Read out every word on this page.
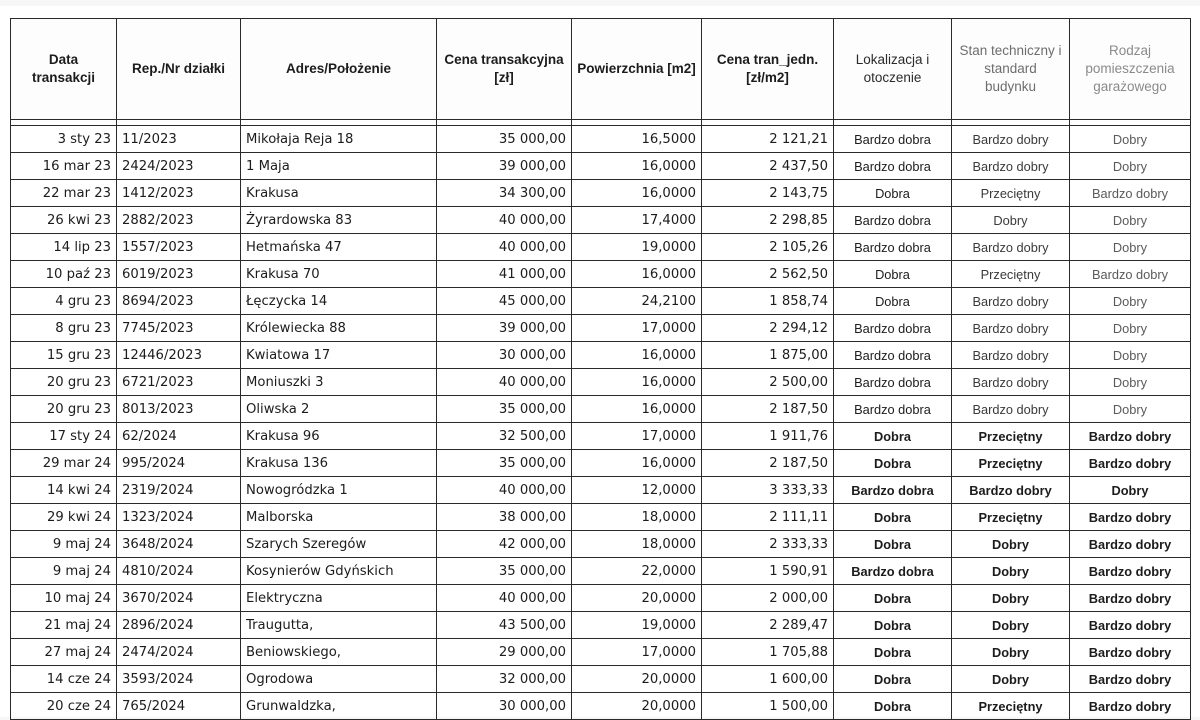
Data transakcji	Rep./Nr działki	Adres/Położenie	Cena transakcyjna [zł]	Powierzchnia [m2]	Cena tran_jedn. [zł/m2]	Lokalizacja i otoczenie	Stan techniczny i standard budynku	Rodzaj pomieszczenia garażowego

3 sty 23	11/2023	Mikołaja Reja 18	35 000,00	16,5000	2 121,21	Bardzo dobra	Bardzo dobry	Dobry
16 mar 23	2424/2023	1 Maja	39 000,00	16,0000	2 437,50	Bardzo dobra	Bardzo dobry	Dobry
22 mar 23	1412/2023	Krakusa	34 300,00	16,0000	2 143,75	Dobra	Przeciętny	Bardzo dobry
26 kwi 23	2882/2023	Żyrardowska 83	40 000,00	17,4000	2 298,85	Bardzo dobra	Dobry	Dobry
14 lip 23	1557/2023	Hetmańska 47	40 000,00	19,0000	2 105,26	Bardzo dobra	Bardzo dobry	Dobry
10 paź 23	6019/2023	Krakusa 70	41 000,00	16,0000	2 562,50	Dobra	Przeciętny	Bardzo dobry
4 gru 23	8694/2023	Łęczycka 14	45 000,00	24,2100	1 858,74	Dobra	Bardzo dobry	Dobry
8 gru 23	7745/2023	Królewiecka 88	39 000,00	17,0000	2 294,12	Bardzo dobra	Bardzo dobry	Dobry
15 gru 23	12446/2023	Kwiatowa 17	30 000,00	16,0000	1 875,00	Bardzo dobra	Bardzo dobry	Dobry
20 gru 23	6721/2023	Moniuszki 3	40 000,00	16,0000	2 500,00	Bardzo dobra	Bardzo dobry	Dobry
20 gru 23	8013/2023	Oliwska 2	35 000,00	16,0000	2 187,50	Bardzo dobra	Bardzo dobry	Dobry
17 sty 24	62/2024	Krakusa 96	32 500,00	17,0000	1 911,76	Dobra	Przeciętny	Bardzo dobry
29 mar 24	995/2024	Krakusa 136	35 000,00	16,0000	2 187,50	Dobra	Przeciętny	Bardzo dobry
14 kwi 24	2319/2024	Nowogródzka 1	40 000,00	12,0000	3 333,33	Bardzo dobra	Bardzo dobry	Dobry
29 kwi 24	1323/2024	Malborska	38 000,00	18,0000	2 111,11	Dobra	Przeciętny	Bardzo dobry
9 maj 24	3648/2024	Szarych Szeregów	42 000,00	18,0000	2 333,33	Dobra	Dobry	Bardzo dobry
9 maj 24	4810/2024	Kosynierów Gdyńskich	35 000,00	22,0000	1 590,91	Bardzo dobra	Dobry	Bardzo dobry
10 maj 24	3670/2024	Elektryczna	40 000,00	20,0000	2 000,00	Dobra	Dobry	Bardzo dobry
21 maj 24	2896/2024	Traugutta,	43 500,00	19,0000	2 289,47	Dobra	Dobry	Bardzo dobry
27 maj 24	2474/2024	Beniowskiego,	29 000,00	17,0000	1 705,88	Dobra	Dobry	Bardzo dobry
14 cze 24	3593/2024	Ogrodowa	32 000,00	20,0000	1 600,00	Dobra	Dobry	Bardzo dobry
20 cze 24	765/2024	Grunwaldzka,	30 000,00	20,0000	1 500,00	Dobra	Przeciętny	Bardzo dobry
